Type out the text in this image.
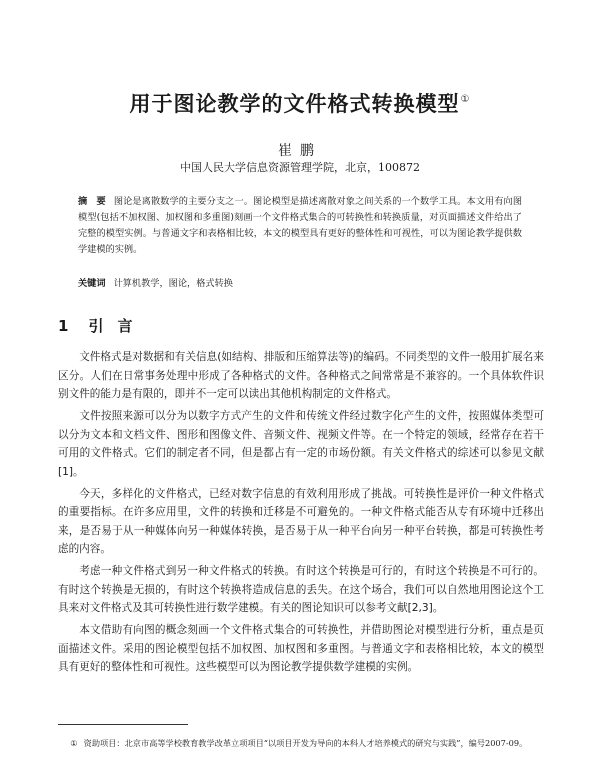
用于图论教学的文件格式转换模型①
崔鹏
中国人民大学信息资源管理学院，北京，100872
摘　要 图论是离散数学的主要分支之一。图论模型是描述离散对象之间关系的一个数学工具。本文用有向图模型(包括不加权图、加权图和多重图)刻画一个文件格式集合的可转换性和转换质量，对页面描述文件给出了完整的模型实例。与普通文字和表格相比较，本文的模型具有更好的整体性和可视性，可以为图论教学提供数学建模的实例。
关键词 计算机教学，图论，格式转换
1 引言

文件格式是对数据和有关信息(如结构、排版和压缩算法等)的编码。不同类型的文件一般用扩展名来区分。人们在日常事务处理中形成了各种格式的文件。各种格式之间常常是不兼容的。一个具体软件识别文件的能力是有限的，即并不一定可以读出其他机构制定的文件格式。

文件按照来源可以分为以数字方式产生的文件和传统文件经过数字化产生的文件，按照媒体类型可以分为文本和文档文件、图形和图像文件、音频文件、视频文件等。在一个特定的领域，经常存在若干可用的文件格式。它们的制定者不同，但是都占有一定的市场份额。有关文件格式的综述可以参见文献[1]。

今天，多样化的文件格式，已经对数字信息的有效利用形成了挑战。可转换性是评价一种文件格式的重要指标。在许多应用里，文件的转换和迁移是不可避免的。一种文件格式能否从专有环境中迁移出来，是否易于从一种媒体向另一种媒体转换，是否易于从一种平台向另一种平台转换，都是可转换性考虑的内容。

考虑一种文件格式到另一种文件格式的转换。有时这个转换是可行的，有时这个转换是不可行的。有时这个转换是无损的，有时这个转换将造成信息的丢失。在这个场合，我们可以自然地用图论这个工具来对文件格式及其可转换性进行数学建模。有关的图论知识可以参考文献[2,3]。

本文借助有向图的概念刻画一个文件格式集合的可转换性，并借助图论对模型进行分析，重点是页面描述文件。采用的图论模型包括不加权图、加权图和多重图。与普通文字和表格相比较，本文的模型具有更好的整体性和可视性。这些模型可以为图论教学提供数学建模的实例。

① 资助项目：北京市高等学校教育教学改革立项项目“以项目开发为导向的本科人才培养模式的研究与实践”，编号2007-09。
